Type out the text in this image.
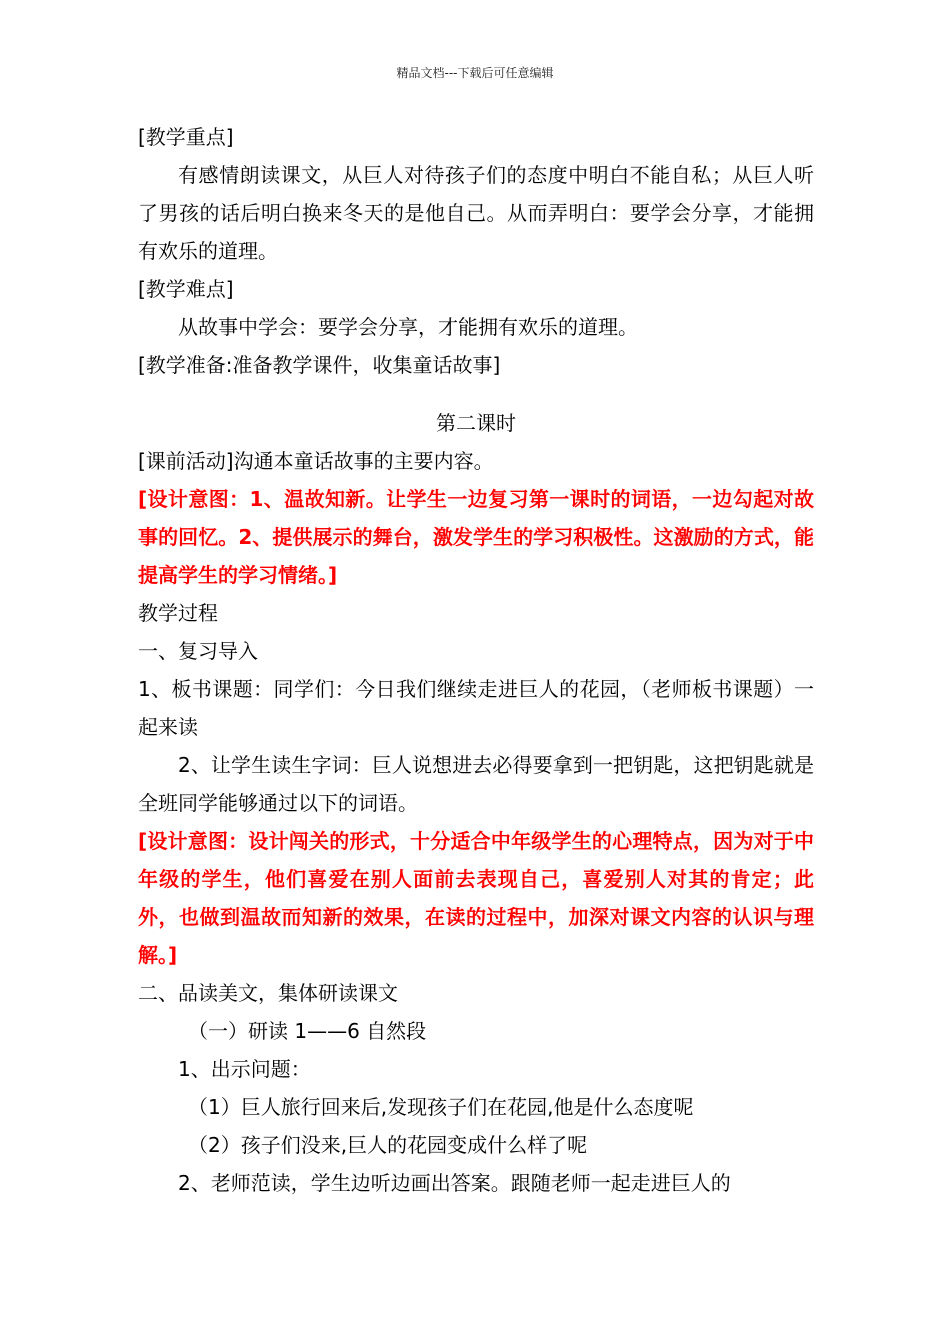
精品文档---下载后可任意编辑

[教学重点]

有感情朗读课文，从巨人对待孩子们的态度中明白不能自私；从巨人听了男孩的话后明白换来冬天的是他自己。从而弄明白：要学会分享，才能拥有欢乐的道理。

[教学难点]

从故事中学会：要学会分享，才能拥有欢乐的道理。

[教学准备:准备教学课件，收集童话故事]

第二课时

[课前活动]沟通本童话故事的主要内容。

[设计意图：1、温故知新。让学生一边复习第一课时的词语，一边勾起对故事的回忆。2、提供展示的舞台，激发学生的学习积极性。这激励的方式，能提高学生的学习情绪。]

教学过程

一、复习导入

1、板书课题：同学们：今日我们继续走进巨人的花园，（老师板书课题）一起来读

2、让学生读生字词：巨人说想进去必得要拿到一把钥匙，这把钥匙就是全班同学能够通过以下的词语。

[设计意图：设计闯关的形式，十分适合中年级学生的心理特点，因为对于中年级的学生，他们喜爱在别人面前去表现自己，喜爱别人对其的肯定；此外，也做到温故而知新的效果，在读的过程中，加深对课文内容的认识与理解。]

二、品读美文，集体研读课文

（一）研读 1——6 自然段

1、出示问题：

（1）巨人旅行回来后,发现孩子们在花园,他是什么态度呢

（2）孩子们没来,巨人的花园变成什么样了呢

2、老师范读，学生边听边画出答案。跟随老师一起走进巨人的
